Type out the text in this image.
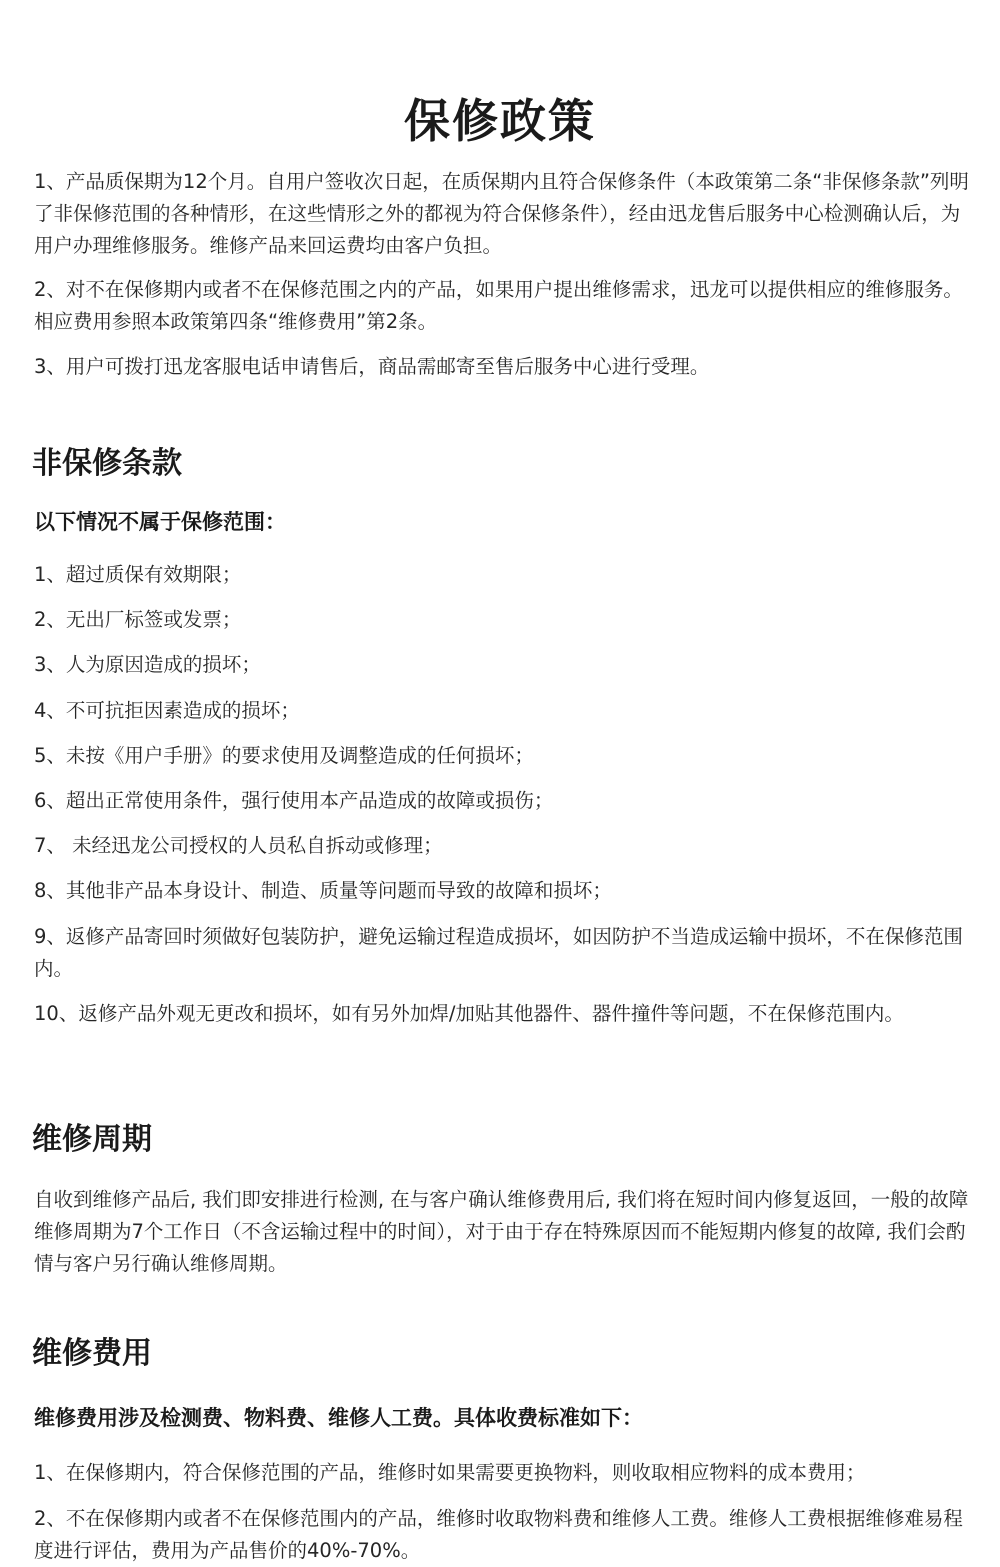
保修政策

1、产品质保期为12个月。自用户签收次日起，在质保期内且符合保修条件（本政策第二条“非保修条款”列明了非保修范围的各种情形，在这些情形之外的都视为符合保修条件），经由迅龙售后服务中心检测确认后，为用户办理维修服务。维修产品来回运费均由客户负担。

2、对不在保修期内或者不在保修范围之内的产品，如果用户提出维修需求，迅龙可以提供相应的维修服务。相应费用参照本政策第四条“维修费用”第2条。

3、用户可拨打迅龙客服电话申请售后，商品需邮寄至售后服务中心进行受理。

非保修条款
以下情况不属于保修范围：

1、超过质保有效期限；

2、无出厂标签或发票；

3、人为原因造成的损坏；

4、不可抗拒因素造成的损坏；

5、未按《用户手册》的要求使用及调整造成的任何损坏；

6、超出正常使用条件，强行使用本产品造成的故障或损伤；

7、 未经迅龙公司授权的人员私自拆动或修理；

8、其他非产品本身设计、制造、质量等问题而导致的故障和损坏；

9、返修产品寄回时须做好包装防护，避免运输过程造成损坏，如因防护不当造成运输中损坏，不在保修范围内。

10、返修产品外观无更改和损坏，如有另外加焊/加贴其他器件、器件撞件等问题，不在保修范围内。

维修周期

自收到维修产品后, 我们即安排进行检测, 在与客户确认维修费用后, 我们将在短时间内修复返回，一般的故障维修周期为7个工作日（不含运输过程中的时间），对于由于存在特殊原因而不能短期内修复的故障, 我们会酌情与客户另行确认维修周期。

维修费用
维修费用涉及检测费、物料费、维修人工费。具体收费标准如下：

1、在保修期内，符合保修范围的产品，维修时如果需要更换物料，则收取相应物料的成本费用；

2、不在保修期内或者不在保修范围内的产品，维修时收取物料费和维修人工费。维修人工费根据维修难易程度进行评估，费用为产品售价的40%-70%。
